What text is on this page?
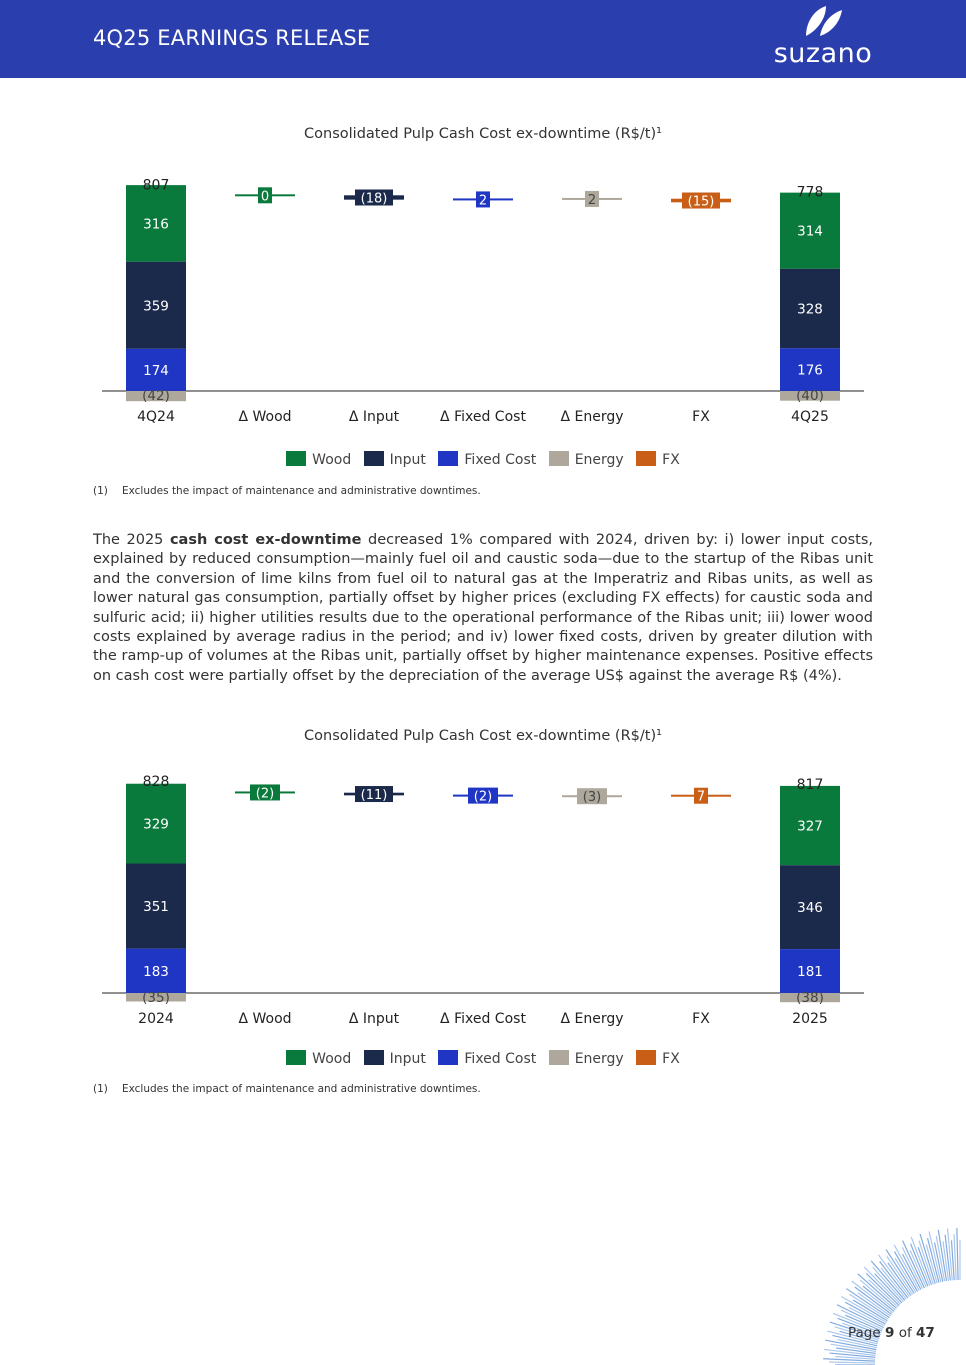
4Q25 EARNINGS RELEASE	suzano
Consolidated Pulp Cash Cost ex-downtime (R$/t)¹
316
359
174
(42)
807
314
328
176
(40)
778
0	(18)	2	2	(15)
4Q24	Δ Wood	Δ Input	Δ Fixed Cost Δ Energy	FX	4Q25
Wood	Input	Fixed Cost	Energy	FX
(1) Excludes the impact of maintenance and administrative downtimes.
The 2025 cash cost ex-downtime decreased 1% compared with 2024, driven by: i) lower input costs, explained by reduced consumption—mainly fuel oil and caustic soda—due to the startup of the Ribas unit and the conversion of lime kilns from fuel oil to natural gas at the Imperatriz and Ribas units, as well as lower natural gas consumption, partially offset by higher prices (excluding FX effects) for caustic soda and sulfuric acid; ii) higher utilities results due to the operational performance of the Ribas unit; iii) lower wood costs explained by average radius in the period; and iv) lower fixed costs, driven by greater dilution with the ramp-up of volumes at the Ribas unit, partially offset by higher maintenance expenses. Positive effects on cash cost were partially offset by the depreciation of the average US$ against the average R$ (4%).
Consolidated Pulp Cash Cost ex-downtime (R$/t)¹
329
351
183
(35)
828
327
346
181
(38)
817
(2)	(11)	(2)	(3)	7
2024	Δ Wood	Δ Input	Δ Fixed Cost Δ Energy	FX	2025
Wood	Input	Fixed Cost	Energy	FX
(1) Excludes the impact of maintenance and administrative downtimes.
Page 9 of 47
